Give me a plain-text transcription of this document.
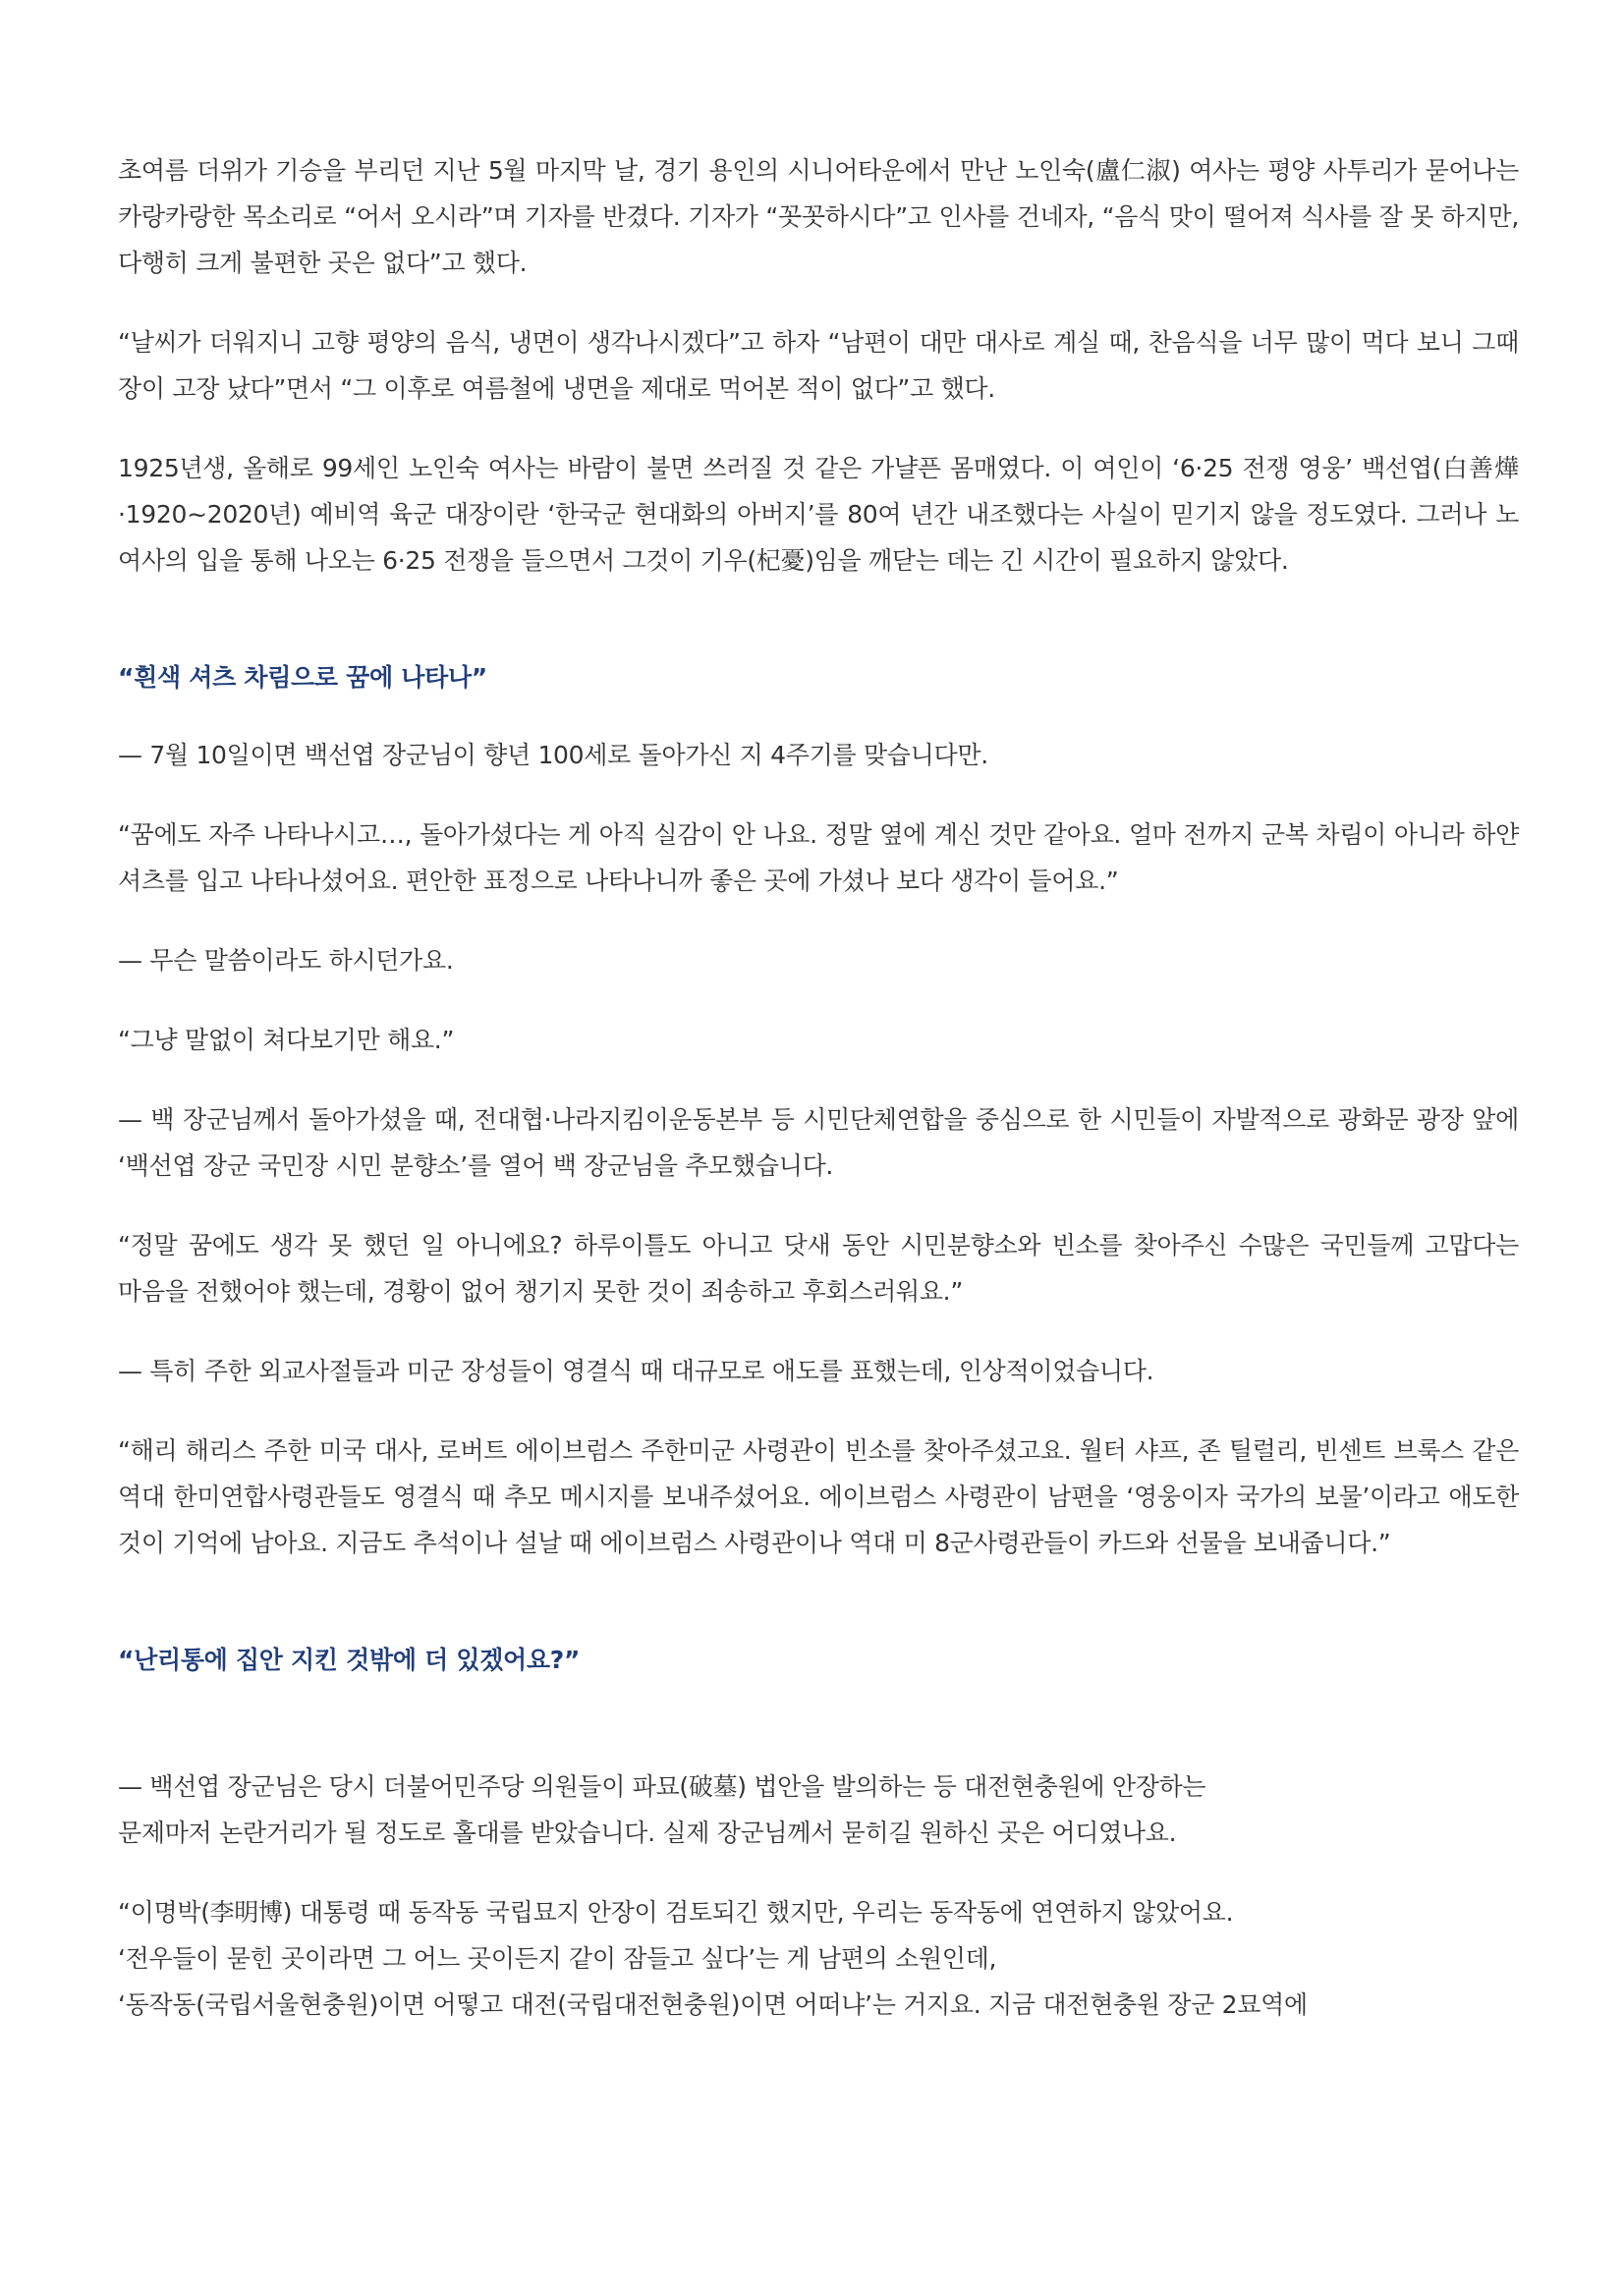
초여름 더위가 기승을 부리던 지난 5월 마지막 날, 경기 용인의 시니어타운에서 만난 노인숙(盧仁淑) 여사는 평양 사투리가 묻어나는 카랑카랑한 목소리로 “어서 오시라”며 기자를 반겼다. 기자가 “꼿꼿하시다”고 인사를 건네자, “음식 맛이 떨어져 식사를 잘 못 하지만, 다행히 크게 불편한 곳은 없다”고 했다.

“날씨가 더워지니 고향 평양의 음식, 냉면이 생각나시겠다”고 하자 “남편이 대만 대사로 계실 때, 찬음식을 너무 많이 먹다 보니 그때 장이 고장 났다”면서 “그 이후로 여름철에 냉면을 제대로 먹어본 적이 없다”고 했다.

1925년생, 올해로 99세인 노인숙 여사는 바람이 불면 쓰러질 것 같은 가냘픈 몸매였다. 이 여인이 ‘6·25 전쟁 영웅’ 백선엽(白善燁·1920~2020년) 예비역 육군 대장이란 ‘한국군 현대화의 아버지’를 80여 년간 내조했다는 사실이 믿기지 않을 정도였다. 그러나 노 여사의 입을 통해 나오는 6·25 전쟁을 들으면서 그것이 기우(杞憂)임을 깨닫는 데는 긴 시간이 필요하지 않았다.

“흰색 셔츠 차림으로 꿈에 나타나”

— 7월 10일이면 백선엽 장군님이 향년 100세로 돌아가신 지 4주기를 맞습니다만.

“꿈에도 자주 나타나시고…, 돌아가셨다는 게 아직 실감이 안 나요. 정말 옆에 계신 것만 같아요. 얼마 전까지 군복 차림이 아니라 하얀 셔츠를 입고 나타나셨어요. 편안한 표정으로 나타나니까 좋은 곳에 가셨나 보다 생각이 들어요.”

— 무슨 말씀이라도 하시던가요.

“그냥 말없이 쳐다보기만 해요.”

— 백 장군님께서 돌아가셨을 때, 전대협·나라지킴이운동본부 등 시민단체연합을 중심으로 한 시민들이 자발적으로 광화문 광장 앞에 ‘백선엽 장군 국민장 시민 분향소’를 열어 백 장군님을 추모했습니다.

“정말 꿈에도 생각 못 했던 일 아니에요? 하루이틀도 아니고 닷새 동안 시민분향소와 빈소를 찾아주신 수많은 국민들께 고맙다는 마음을 전했어야 했는데, 경황이 없어 챙기지 못한 것이 죄송하고 후회스러워요.”

— 특히 주한 외교사절들과 미군 장성들이 영결식 때 대규모로 애도를 표했는데, 인상적이었습니다.

“해리 해리스 주한 미국 대사, 로버트 에이브럼스 주한미군 사령관이 빈소를 찾아주셨고요. 월터 샤프, 존 틸럴리, 빈센트 브룩스 같은 역대 한미연합사령관들도 영결식 때 추모 메시지를 보내주셨어요. 에이브럼스 사령관이 남편을 ‘영웅이자 국가의 보물’이라고 애도한 것이 기억에 남아요. 지금도 추석이나 설날 때 에이브럼스 사령관이나 역대 미 8군사령관들이 카드와 선물을 보내줍니다.”

“난리통에 집안 지킨 것밖에 더 있겠어요?”

— 백선엽 장군님은 당시 더불어민주당 의원들이 파묘(破墓) 법안을 발의하는 등 대전현충원에 안장하는
문제마저 논란거리가 될 정도로 홀대를 받았습니다. 실제 장군님께서 묻히길 원하신 곳은 어디였나요.

“이명박(李明博) 대통령 때 동작동 국립묘지 안장이 검토되긴 했지만, 우리는 동작동에 연연하지 않았어요.
‘전우들이 묻힌 곳이라면 그 어느 곳이든지 같이 잠들고 싶다’는 게 남편의 소원인데,
‘동작동(국립서울현충원)이면 어떻고 대전(국립대전현충원)이면 어떠냐’는 거지요. 지금 대전현충원 장군 2묘역에
